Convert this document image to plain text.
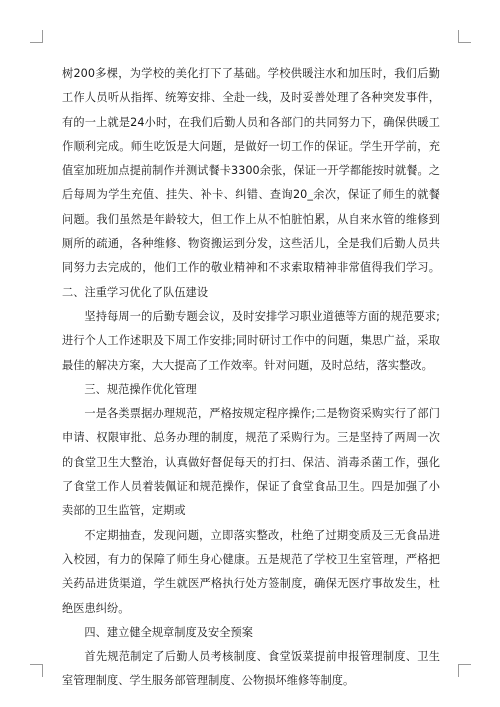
树200多棵，为学校的美化打下了基础。学校供暖注水和加压时，我们后勤工作人员听从指挥、统筹安排、全赴一线，及时妥善处理了各种突发事件，有的一上就是24小时，在我们后勤人员和各部门的共同努力下，确保供暖工作顺利完成。师生吃饭是大问题，是做好一切工作的保证。学生开学前，充值室加班加点提前制作并测试餐卡3300余张，保证一开学都能按时就餐。之后每周为学生充值、挂失、补卡、纠错、查询20_余次，保证了师生的就餐问题。我们虽然是年龄较大，但工作上从不怕脏怕累，从自来水管的维修到厕所的疏通，各种维修、物资搬运到分发，这些活儿，全是我们后勤人员共同努力去完成的，他们工作的敬业精神和不求索取精神非常值得我们学习。二、注重学习优化了队伍建设

坚持每周一的后勤专题会议，及时安排学习职业道德等方面的规范要求;进行个人工作述职及下周工作安排;同时研讨工作中的问题，集思广益，采取最佳的解决方案，大大提高了工作效率。针对问题，及时总结，落实整改。

三、规范操作优化管理

一是各类票据办理规范，严格按规定程序操作;二是物资采购实行了部门申请、权限审批、总务办理的制度，规范了采购行为。三是坚持了两周一次的食堂卫生大整治，认真做好督促每天的打扫、保洁、消毒杀菌工作，强化了食堂工作人员着装佩证和规范操作，保证了食堂食品卫生。四是加强了小卖部的卫生监管，定期或

不定期抽查，发现问题，立即落实整改，杜绝了过期变质及三无食品进入校园，有力的保障了师生身心健康。五是规范了学校卫生室管理，严格把关药品进货渠道，学生就医严格执行处方签制度，确保无医疗事故发生，杜绝医患纠纷。

四、建立健全规章制度及安全预案

首先规范制定了后勤人员考核制度、食堂饭菜提前申报管理制度、卫生室管理制度、学生服务部管理制度、公物损坏维修等制度。
